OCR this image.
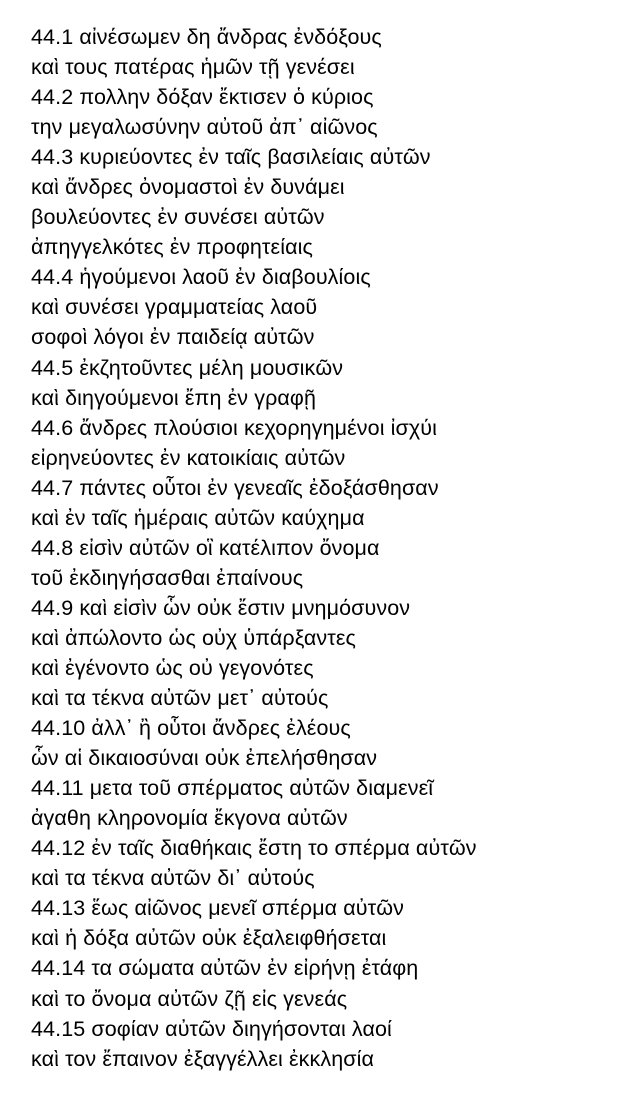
44.1 αἰνέσωμεν δη ἄνδρας ἐνδόξους
καὶ τους πατέρας ἡμῶν τῇ γενέσει
44.2 πολλην δόξαν ἔκτισεν ὁ κύριος
την μεγαλωσύνην αὐτοῦ ἀπ᾽ αἰῶνος
44.3 κυριεύοντες ἐν ταῖς βασιλείαις αὐτῶν
καὶ ἄνδρες ὀνομαστοὶ ἐν δυνάμει
βουλεύοντες ἐν συνέσει αὐτῶν
ἀπηγγελκότες ἐν προφητείαις
44.4 ἡγούμενοι λαοῦ ἐν διαβουλίοις
καὶ συνέσει γραμματείας λαοῦ
σοφοὶ λόγοι ἐν παιδείᾳ αὐτῶν
44.5 ἐκζητοῦντες μέλη μουσικῶν
καὶ διηγούμενοι ἔπη ἐν γραφῇ
44.6 ἄνδρες πλούσιοι κεχορηγημένοι ἰσχύι
εἰρηνεύοντες ἐν κατοικίαις αὐτῶν
44.7 πάντες οὗτοι ἐν γενεαῖς ἐδοξάσθησαν
καὶ ἐν ταῖς ἡμέραις αὐτῶν καύχημα
44.8 εἰσὶν αὐτῶν οἳ κατέλιπον ὄνομα
τοῦ ἐκδιηγήσασθαι ἐπαίνους
44.9 καὶ εἰσὶν ὧν οὐκ ἔστιν μνημόσυνον
καὶ ἀπώλοντο ὡς οὐχ ὑπάρξαντες
καὶ ἐγένοντο ὡς οὐ γεγονότες
καὶ τα τέκνα αὐτῶν μετ᾽ αὐτούς
44.10 ἀλλ᾽ ἢ οὗτοι ἄνδρες ἐλέους
ὧν αἱ δικαιοσύναι οὐκ ἐπελήσθησαν
44.11 μετα τοῦ σπέρματος αὐτῶν διαμενεῖ
ἀγαθη κληρονομία ἔκγονα αὐτῶν
44.12 ἐν ταῖς διαθήκαις ἔστη το σπέρμα αὐτῶν
καὶ τα τέκνα αὐτῶν δι᾽ αὐτούς
44.13 ἕως αἰῶνος μενεῖ σπέρμα αὐτῶν
καὶ ἡ δόξα αὐτῶν οὐκ ἐξαλειφθήσεται
44.14 τα σώματα αὐτῶν ἐν εἰρήνῃ ἐτάφη
καὶ το ὄνομα αὐτῶν ζῇ εἰς γενεάς
44.15 σοφίαν αὐτῶν διηγήσονται λαοί
καὶ τον ἔπαινον ἐξαγγέλλει ἐκκλησία
